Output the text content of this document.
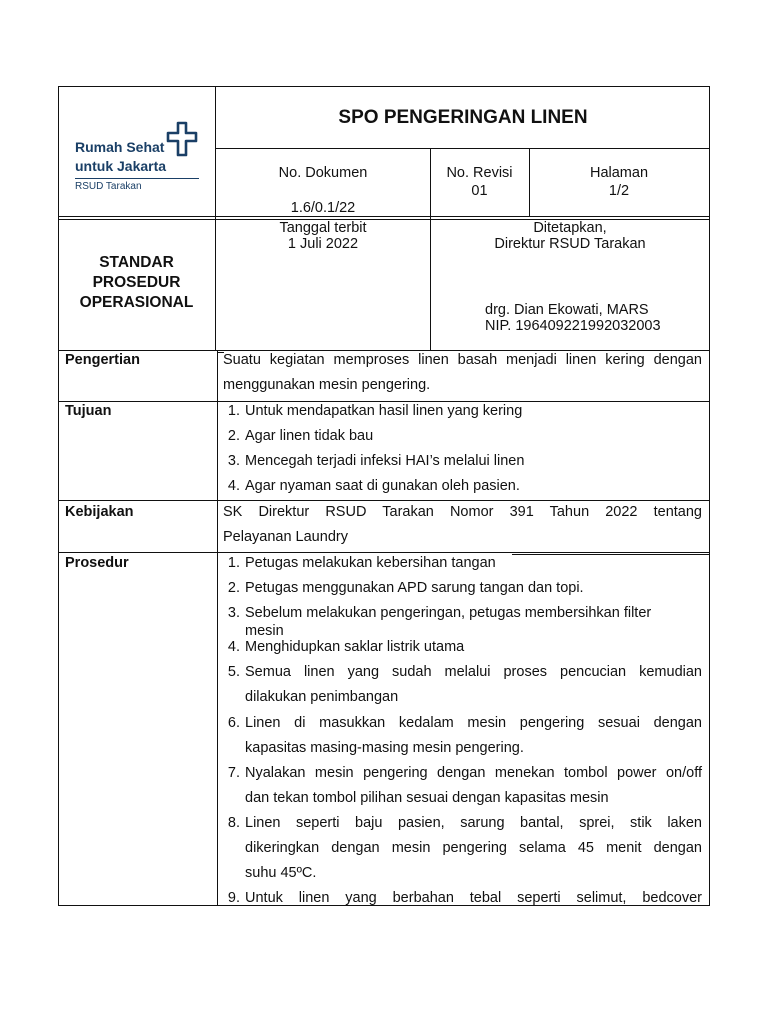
Rumah Sehat
untuk Jakarta
RSUD Tarakan
SPO PENGERINGAN LINEN
No. Dokumen
1.6/0.1/22
No. Revisi
01
Halaman
1/2
STANDAR
PROSEDUR
OPERASIONAL
Tanggal terbit
1 Juli 2022
Ditetapkan,
Direktur RSUD Tarakan
drg. Dian Ekowati, MARS
NIP. 196409221992032003
Pengertian	Suatu kegiatan memproses linen basah menjadi linen kering dengan
menggunakan mesin pengering.
Tujuan	1. Untuk mendapatkan hasil linen yang kering
2. Agar linen tidak bau
3. Mencegah terjadi infeksi HAI’s melalui linen
4. Agar nyaman saat di gunakan oleh pasien.
Kebijakan	SK Direktur RSUD Tarakan Nomor 391 Tahun 2022 tentang
Pelayanan Laundry
Prosedur	1. Petugas melakukan kebersihan tangan
2. Petugas menggunakan APD sarung tangan dan topi.
3. Sebelum melakukan pengeringan, petugas membersihkan filter
mesin
4. Menghidupkan saklar listrik utama
5. Semua linen yang sudah melalui proses pencucian kemudian
dilakukan penimbangan
6. Linen di masukkan kedalam mesin pengering sesuai dengan
kapasitas masing-masing mesin pengering.
7. Nyalakan mesin pengering dengan menekan tombol power on/off
dan tekan tombol pilihan sesuai dengan kapasitas mesin
8. Linen seperti baju pasien, sarung bantal, sprei, stik laken
dikeringkan dengan mesin pengering selama 45 menit dengan
suhu 45ºC.
9. Untuk linen yang berbahan tebal seperti selimut, bedcover
